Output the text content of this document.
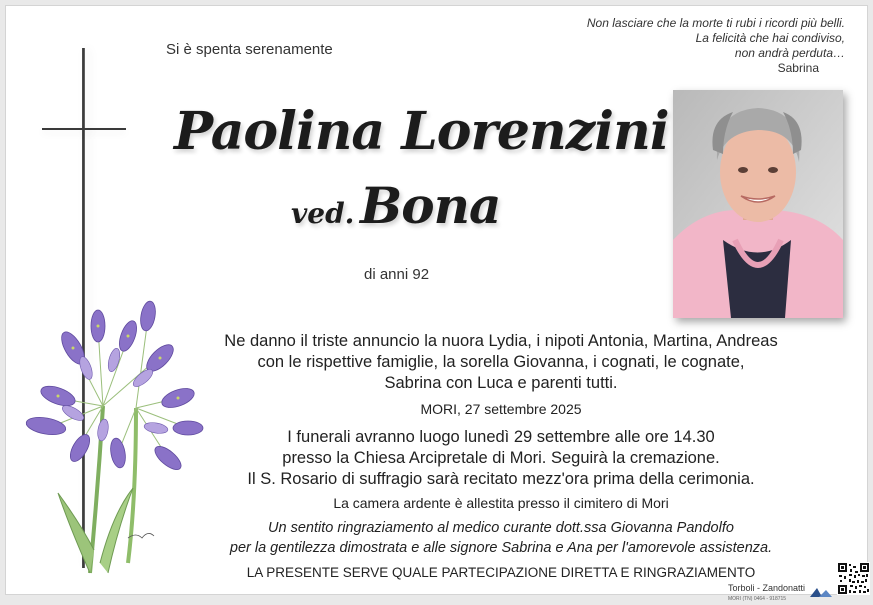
Si è spenta serenamente
Non lasciare che la morte ti rubi i ricordi più belli.
La felicità che hai condiviso,
non andrà perduta…
Sabrina
Paolina Lorenzini
ved. Bona
di anni 92
Ne danno il triste annuncio la nuora Lydia, i nipoti Antonia, Martina, Andreas
con le rispettive famiglie, la sorella Giovanna, i cognati, le cognate,
Sabrina con Luca e parenti tutti.
MORI, 27 settembre 2025
I funerali avranno luogo lunedì 29 settembre alle ore 14.30
presso la Chiesa Arcipretale di Mori. Seguirà la cremazione.
Il S. Rosario di suffragio sarà recitato mezz'ora prima della cerimonia.
La camera ardente è allestita presso il cimitero di Mori
Un sentito ringraziamento al medico curante dott.ssa Giovanna Pandolfo
per la gentilezza dimostrata e alle signore Sabrina e Ana per l'amorevole assistenza.
LA PRESENTE SERVE QUALE PARTECIPAZIONE DIRETTA E RINGRAZIAMENTO
Torboli - Zandonatti
MORI (TN) 0464 - 918715
